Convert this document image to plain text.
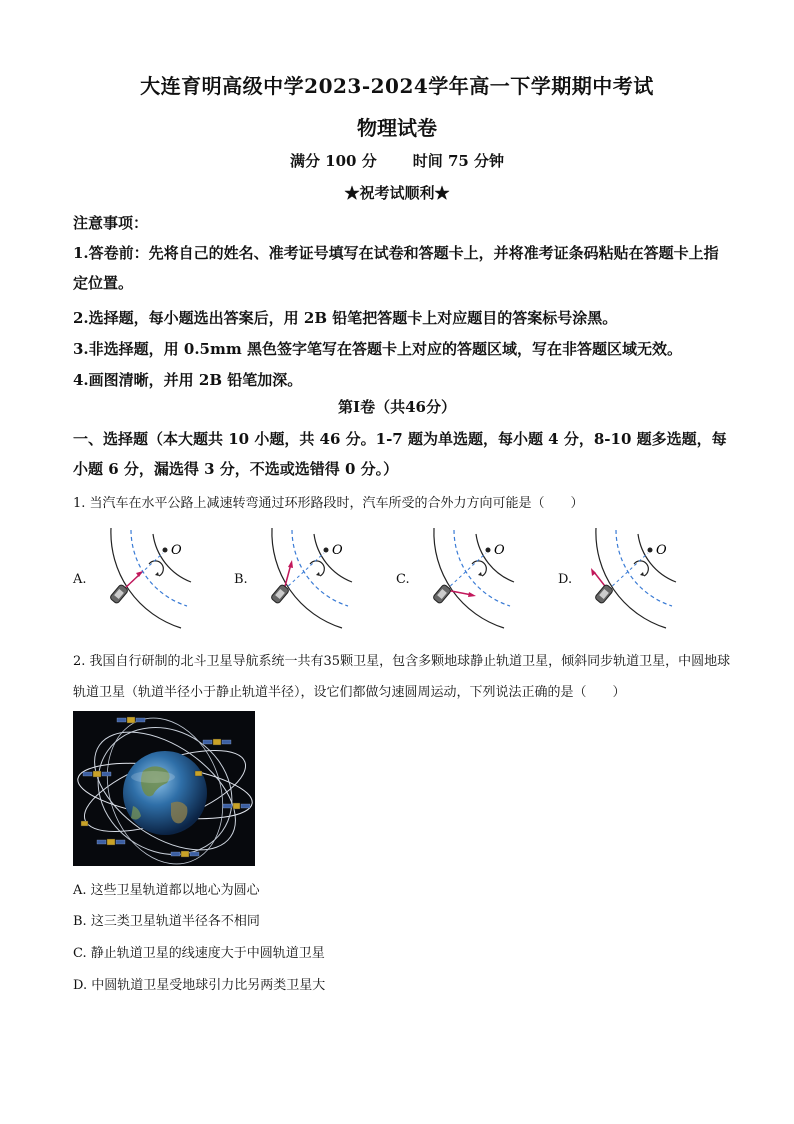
大连育明高级中学2023-2024学年高一下学期期中考试
物理试卷
满分 100 分 时间 75 分钟
★祝考试顺利★
注意事项：
1.答卷前：先将自己的姓名、准考证号填写在试卷和答题卡上，并将准考证条码粘贴在答题卡上指定位置。
2.选择题，每小题选出答案后，用 2B 铅笔把答题卡上对应题目的答案标号涂黑。
3.非选择题，用 0.5mm 黑色签字笔写在答题卡上对应的答题区域，写在非答题区域无效。
4.画图清晰，并用 2B 铅笔加深。
第Ⅰ卷（共46分）
一、选择题（本大题共 10 小题，共 46 分。1-7 题为单选题，每小题 4 分，8-10 题多选题，每小题 6 分，漏选得 3 分，不选或选错得 0 分。）
1. 当汽车在水平公路上减速转弯通过环形路段时，汽车所受的合外力方向可能是（　　）
A.
O
B.
O
C.
O
D.
O
2. 我国自行研制的北斗卫星导航系统一共有35颗卫星，包含多颗地球静止轨道卫星，倾斜同步轨道卫星，中圆地球轨道卫星（轨道半径小于静止轨道半径），设它们都做匀速圆周运动，下列说法正确的是（　　）
A. 这些卫星轨道都以地心为圆心
B. 这三类卫星轨道半径各不相同
C. 静止轨道卫星的线速度大于中圆轨道卫星
D. 中圆轨道卫星受地球引力比另两类卫星大
